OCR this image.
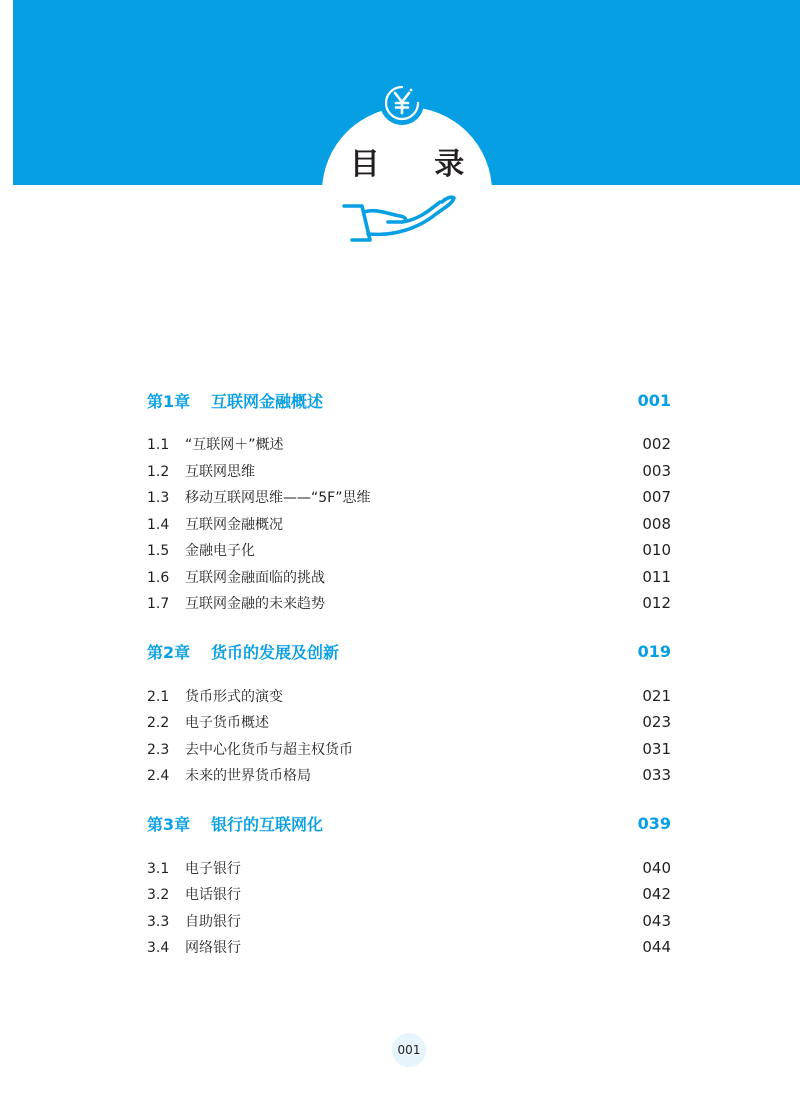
目 录
第1章 互联网金融概述	001
1.1 “互联网＋”概述	002
1.2 互联网思维	003
1.3 移动互联网思维——“5F”思维	007
1.4 互联网金融概况	008
1.5 金融电子化	010
1.6 互联网金融面临的挑战	011
1.7 互联网金融的未来趋势	012
第2章 货币的发展及创新	019
2.1 货币形式的演变	021
2.2 电子货币概述	023
2.3 去中心化货币与超主权货币	031
2.4 未来的世界货币格局	033
第3章 银行的互联网化	039
3.1 电子银行	040
3.2 电话银行	042
3.3 自助银行	043
3.4 网络银行	044
001
